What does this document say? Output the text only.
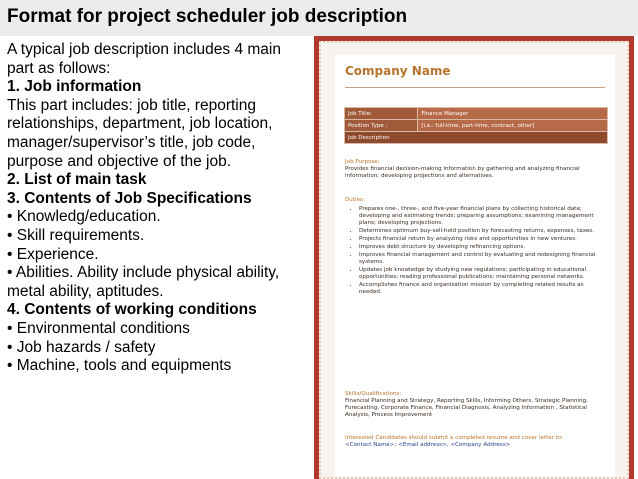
Format for project scheduler job description

A typical job description includes 4 main part as follows:

1. Job information

This part includes: job title, reporting relationships, department, job location, manager/supervisor’s title, job code, purpose and objective of the job.

2. List of main task

3. Contents of Job Specifications

• Knowledg/education.

• Skill requirements.

• Experience.

• Abilities. Ability include physical ability, metal ability, aptitudes.

4. Contents of working conditions

• Environmental conditions

• Job hazards / safety

• Machine, tools and equipments

Company Name
Job Title:	Finance Manager
Position Type :	[i.e.: full-time, part-time, contract, other]
Job Description	
Job Purpose:
Provides financial decision-making information by gathering and analyzing financial information; developing projections and alternatives.
Duties:
• Prepares one-, three-, and five-year financial plans by collecting historical data; developing and estimating trends; preparing assumptions; examining management plans; developing projections.
• Determines optimum buy-sell-hold position by forecasting returns, expenses, taxes.
• Projects financial return by analyzing risks and opportunities in new ventures.
• Improves debt structure by developing refinancing options.
• Improves financial management and control by evaluating and redesigning financial systems.
• Updates job knowledge by studying new regulations; participating in educational opportunities; reading professional publications; maintaining personal networks.
• Accomplishes finance and organization mission by completing related results as needed.
Skills/Qualifications:
Financial Planning and Strategy, Reporting Skills, Informing Others, Strategic Planning, Forecasting, Corporate Finance, Financial Diagnosis, Analyzing Information , Statistical Analysis, Process Improvement
Interested Candidates should submit a completed resume and cover letter to:
<Contact Name>; <Email address>, <Company Address>
